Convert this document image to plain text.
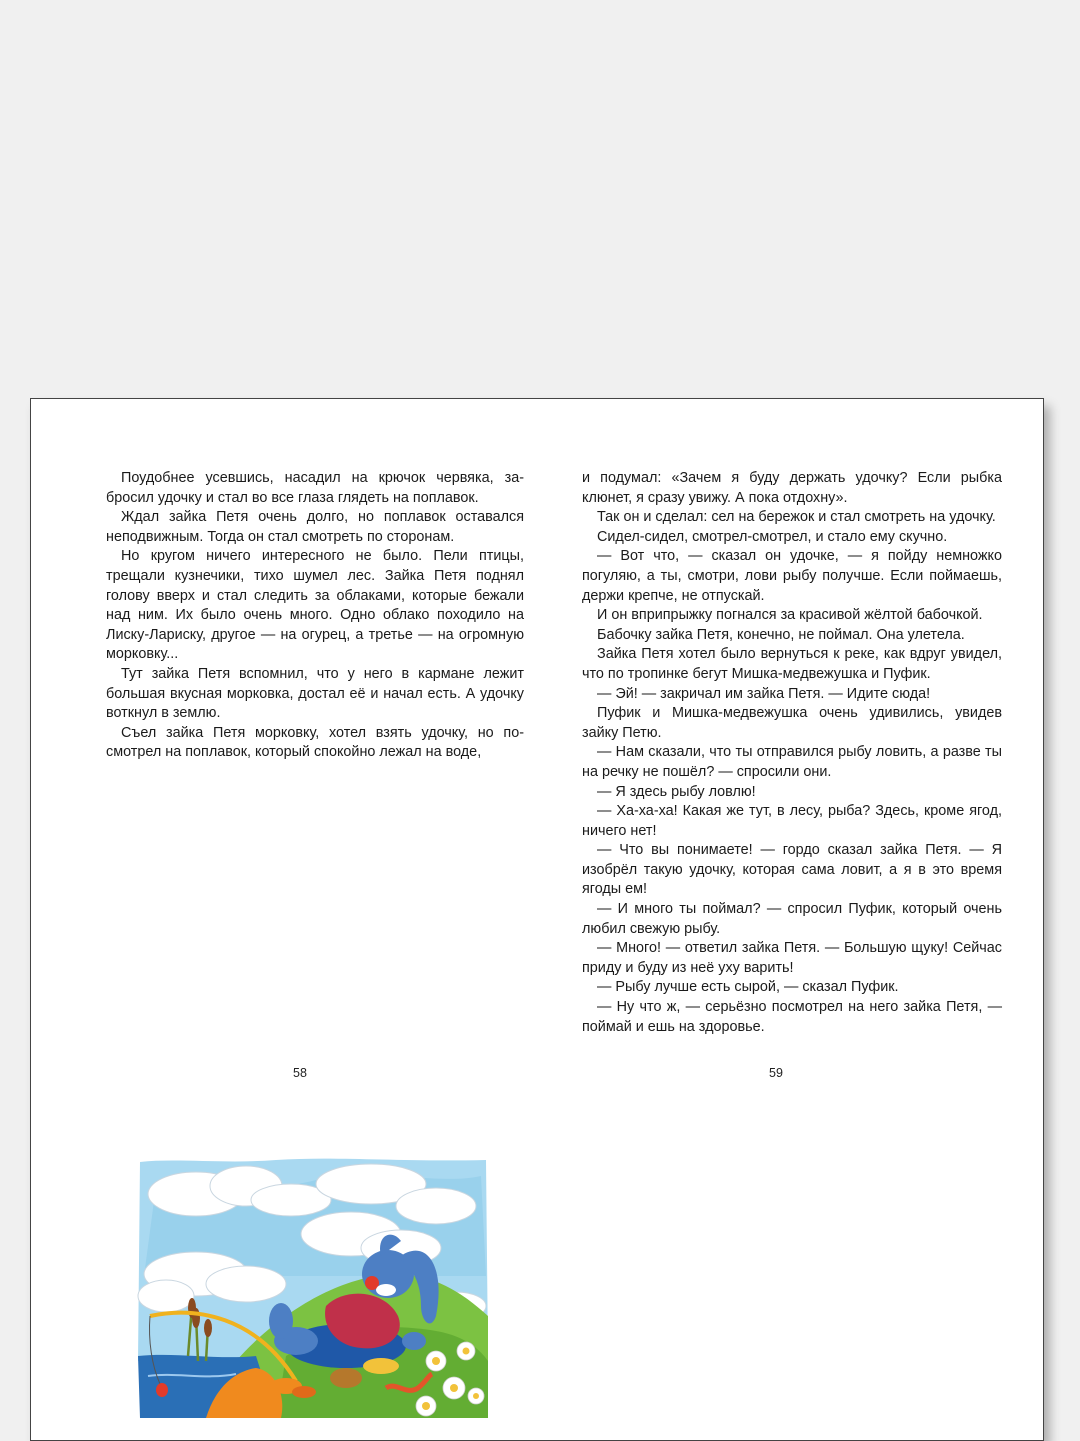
Поудобнее усевшись, насадил на крючок червяка, забросил удочку и стал во все глаза глядеть на поплавок.

Ждал зайка Петя очень долго, но поплавок оставался неподвижным. Тогда он стал смотреть по сторонам.

Но кругом ничего интересного не было. Пели птицы, трещали кузнечики, тихо шумел лес. Зайка Петя поднял голову вверх и стал следить за облаками, которые бежали над ним. Их было очень много. Одно облако походило на Лиску-Лариску, другое — на огурец, а третье — на огромную морковку...

Тут зайка Петя вспомнил, что у него в кармане лежит большая вкусная морковка, достал её и начал есть. А удочку воткнул в землю.

Съел зайка Петя морковку, хотел взять удочку, но посмотрел на поплавок, который спокойно лежал на воде,

и подумал: «Зачем я буду держать удочку? Если рыбка клюнет, я сразу увижу. А пока отдохну».

Так он и сделал: сел на бережок и стал смотреть на удочку.

Сидел-сидел, смотрел-смотрел, и стало ему скучно.

— Вот что, — сказал он удочке, — я пойду немножко погуляю, а ты, смотри, лови рыбу получше. Если поймаешь, держи крепче, не отпускай.

И он вприпрыжку погнался за красивой жёлтой бабочкой.

Бабочку зайка Петя, конечно, не поймал. Она улетела.

Зайка Петя хотел было вернуться к реке, как вдруг увидел, что по тропинке бегут Мишка-медвежушка и Пуфик.

— Эй! — закричал им зайка Петя. — Идите сюда!

Пуфик и Мишка-медвежушка очень удивились, увидев зайку Петю.

— Нам сказали, что ты отправился рыбу ловить, а разве ты на речку не пошёл? — спросили они.

— Я здесь рыбу ловлю!

— Ха-ха-ха! Какая же тут, в лесу, рыба? Здесь, кроме ягод, ничего нет!

— Что вы понимаете! — гордо сказал зайка Петя. — Я изобрёл такую удочку, которая сама ловит, а я в это время ягоды ем!

— И много ты поймал? — спросил Пуфик, который очень любил свежую рыбу.

— Много! — ответил зайка Петя. — Большую щуку! Сейчас приду и буду из неё уху варить!

— Рыбу лучше есть сырой, — сказал Пуфик.

— Ну что ж, — серьёзно посмотрел на него зайка Петя, — поймай и ешь на здоровье.

58	59
